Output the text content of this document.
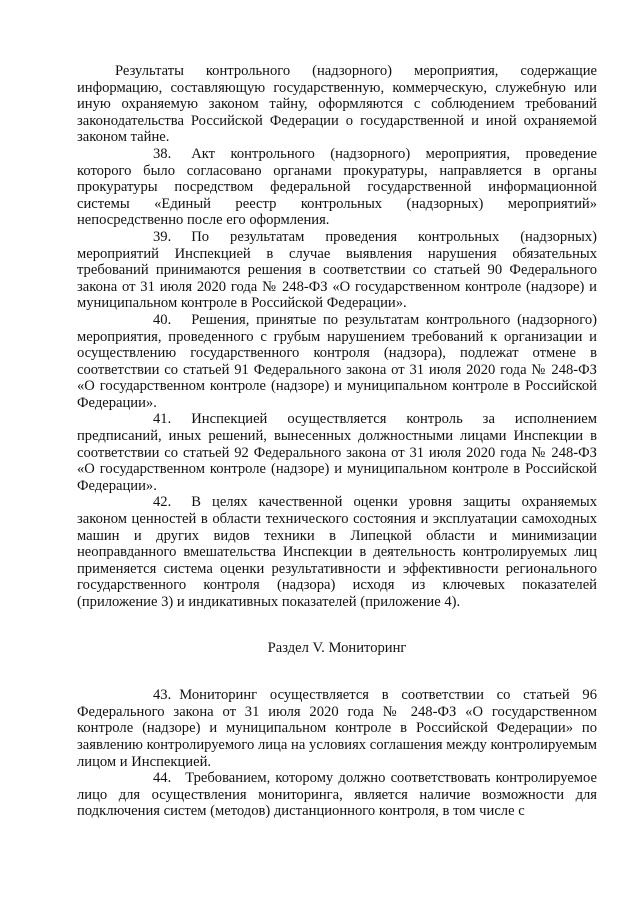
Результаты контрольного (надзорного) мероприятия, содержащие информацию, составляющую государственную, коммерческую, служебную или иную охраняемую законом тайну, оформляются с соблюдением требований законодательства Российской Федерации о государственной и иной охраняемой законом тайне.

38. Акт контрольного (надзорного) мероприятия, проведение которого было согласовано органами прокуратуры, направляется в органы прокуратуры посредством федеральной государственной информационной системы «Единый реестр контрольных (надзорных) мероприятий» непосредственно после его оформления.

39. По результатам проведения контрольных (надзорных) мероприятий Инспекцией в случае выявления нарушения обязательных требований принимаются решения в соответствии со статьей 90 Федерального закона от 31 июля 2020 года № 248-ФЗ «О государственном контроле (надзоре) и муниципальном контроле в Российской Федерации».

40. Решения, принятые по результатам контрольного (надзорного) мероприятия, проведенного с грубым нарушением требований к организации и осуществлению государственного контроля (надзора), подлежат отмене в соответствии со статьей 91 Федерального закона от 31 июля 2020 года № 248-ФЗ «О государственном контроле (надзоре) и муниципальном контроле в Российской Федерации».

41. Инспекцией осуществляется контроль за исполнением предписаний, иных решений, вынесенных должностными лицами Инспекции в соответствии со статьей 92 Федерального закона от 31 июля 2020 года № 248-ФЗ «О государственном контроле (надзоре) и муниципальном контроле в Российской Федерации».

42. В целях качественной оценки уровня защиты охраняемых законом ценностей в области технического состояния и эксплуатации самоходных машин и других видов техники в Липецкой области и минимизации неоправданного вмешательства Инспекции в деятельность контролируемых лиц применяется система оценки результативности и эффективности регионального государственного контроля (надзора) исходя из ключевых показателей (приложение 3) и индикативных показателей (приложение 4).

Раздел V. Мониторинг

43. Мониторинг осуществляется в соответствии со статьей 96 Федерального закона от 31 июля 2020 года № 248-ФЗ «О государственном контроле (надзоре) и муниципальном контроле в Российской Федерации» по заявлению контролируемого лица на условиях соглашения между контролируемым лицом и Инспекцией.

44. Требованием, которому должно соответствовать контролируемое лицо для осуществления мониторинга, является наличие возможности для подключения систем (методов) дистанционного контроля, в том числе с
